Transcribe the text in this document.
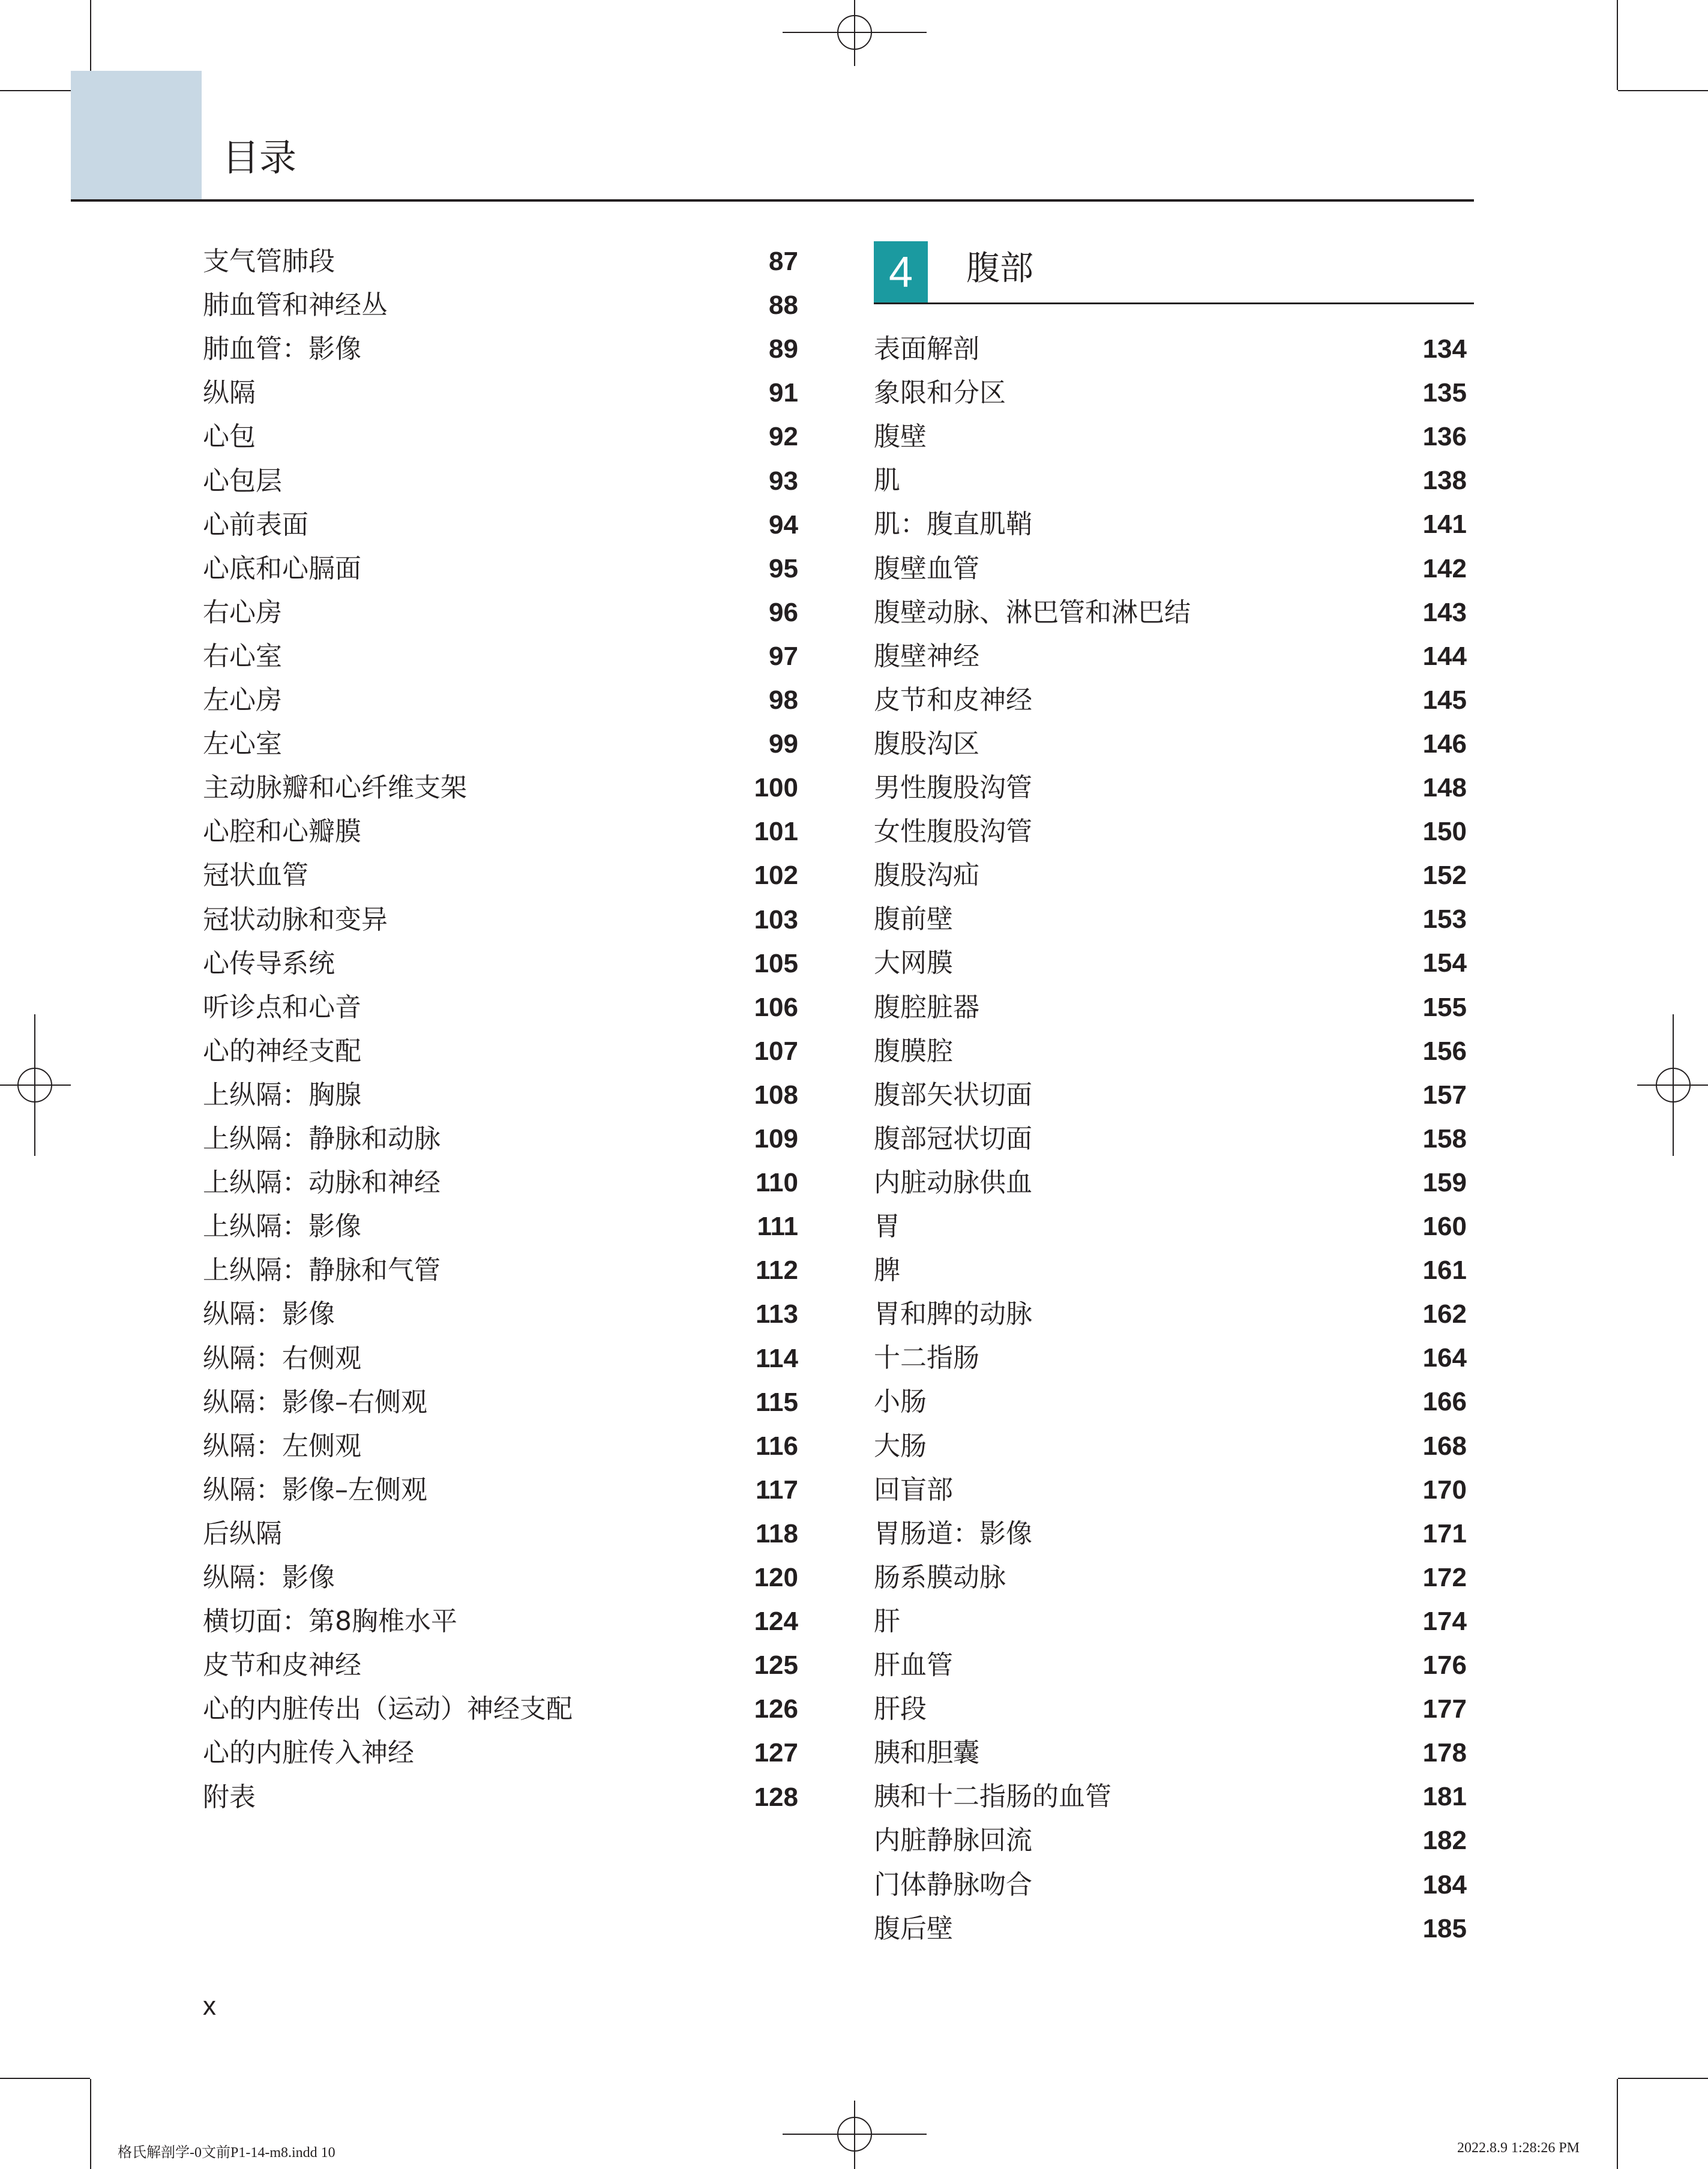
目录
支气管肺段	87
肺血管和神经丛	88
肺血管：影像	89
纵隔	91
心包	92
心包层	93
心前表面	94
心底和心膈面	95
右心房	96
右心室	97
左心房	98
左心室	99
主动脉瓣和心纤维支架	100
心腔和心瓣膜	101
冠状血管	102
冠状动脉和变异	103
心传导系统	105
听诊点和心音	106
心的神经支配	107
上纵隔：胸腺	108
上纵隔：静脉和动脉	109
上纵隔：动脉和神经	110
上纵隔：影像	111
上纵隔：静脉和气管	112
纵隔：影像	113
纵隔：右侧观	114
纵隔：影像–右侧观	115
纵隔：左侧观	116
纵隔：影像–左侧观	117
后纵隔	118
纵隔：影像	120
横切面：第8胸椎水平	124
皮节和皮神经	125
心的内脏传出（运动）神经支配	126
心的内脏传入神经	127
附表	128
4	腹部
表面解剖	134
象限和分区	135
腹壁	136
肌	138
肌：腹直肌鞘	141
腹壁血管	142
腹壁动脉、淋巴管和淋巴结	143
腹壁神经	144
皮节和皮神经	145
腹股沟区	146
男性腹股沟管	148
女性腹股沟管	150
腹股沟疝	152
腹前壁	153
大网膜	154
腹腔脏器	155
腹膜腔	156
腹部矢状切面	157
腹部冠状切面	158
内脏动脉供血	159
胃	160
脾	161
胃和脾的动脉	162
十二指肠	164
小肠	166
大肠	168
回盲部	170
胃肠道：影像	171
肠系膜动脉	172
肝	174
肝血管	176
肝段	177
胰和胆囊	178
胰和十二指肠的血管	181
内脏静脉回流	182
门体静脉吻合	184
腹后壁	185
x
格氏解剖学-0文前P1-14-m8.indd 10	2022.8.9 1:28:26 PM
